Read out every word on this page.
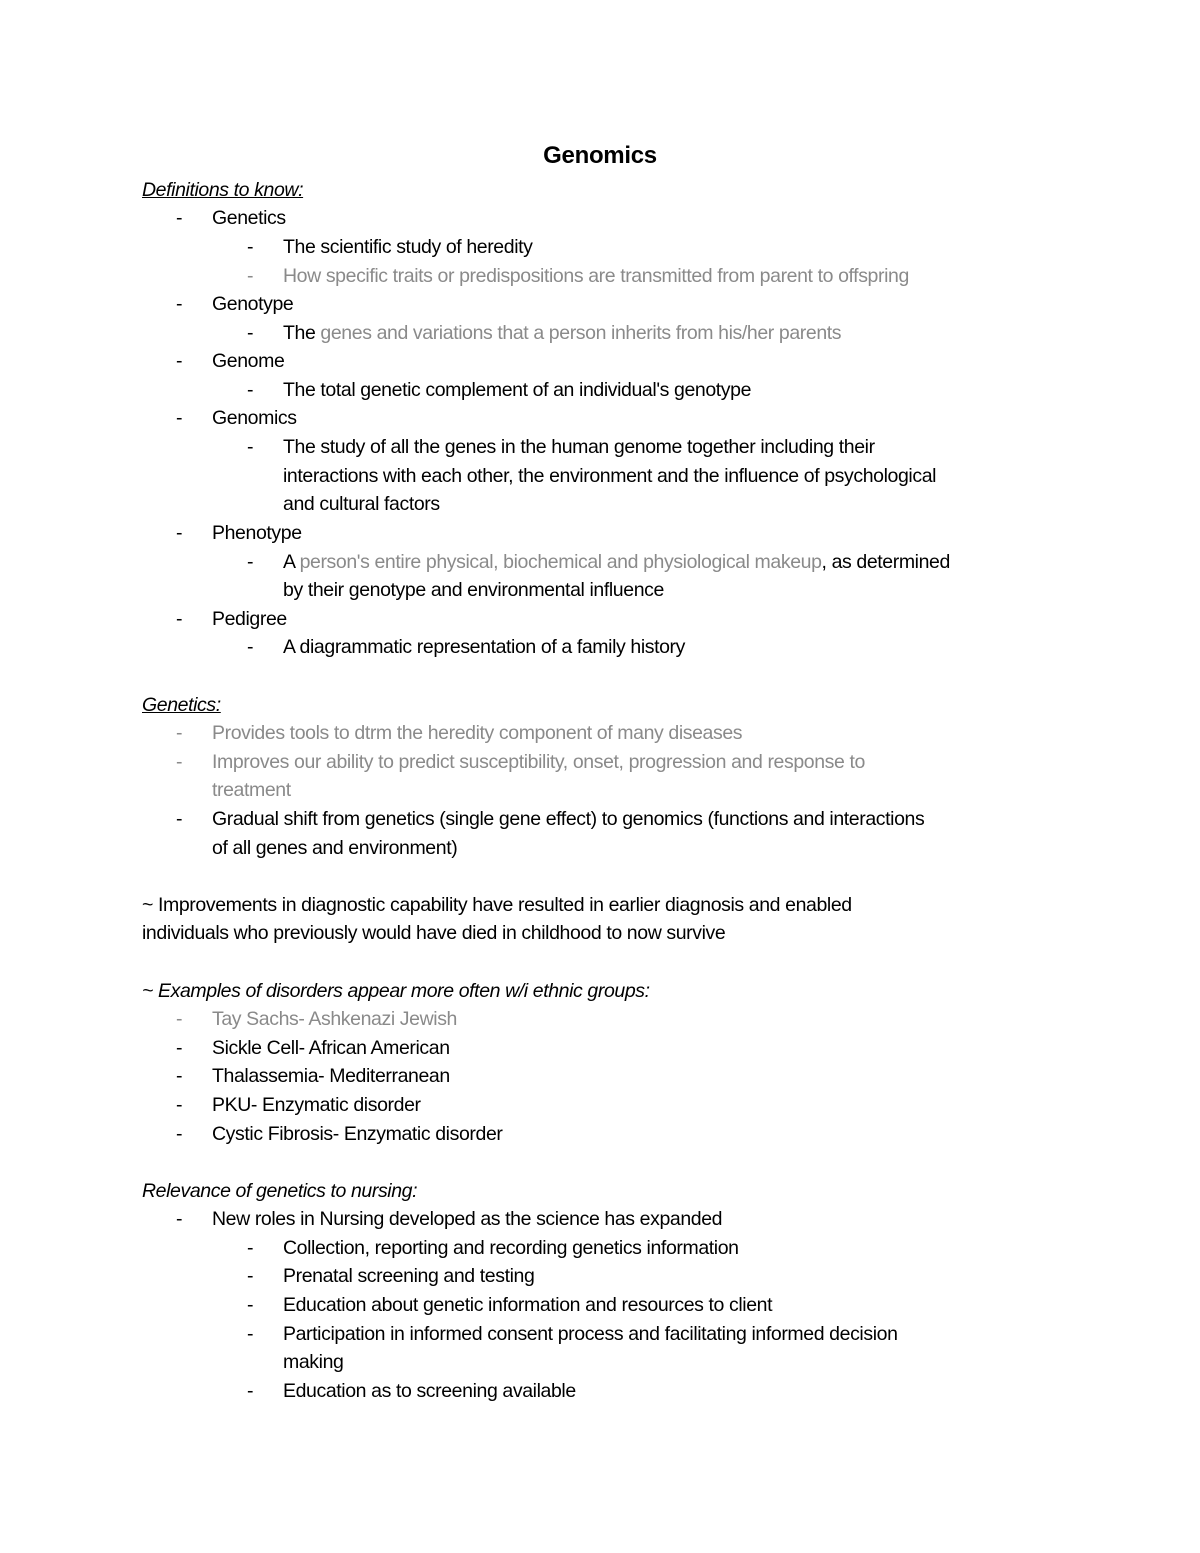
Genomics
Definitions to know:
- Genetics
- The scientific study of heredity
- How specific traits or predispositions are transmitted from parent to offspring
- Genotype
- The genes and variations that a person inherits from his/her parents
- Genome
- The total genetic complement of an individual's genotype
- Genomics
- The study of all the genes in the human genome together including their
interactions with each other, the environment and the influence of psychological
and cultural factors
- Phenotype
- A person's entire physical, biochemical and physiological makeup, as determined
by their genotype and environmental influence
- Pedigree
- A diagrammatic representation of a family history
Genetics:
- Provides tools to dtrm the heredity component of many diseases
- Improves our ability to predict susceptibility, onset, progression and response to
treatment
- Gradual shift from genetics (single gene effect) to genomics (functions and interactions
of all genes and environment)
~ Improvements in diagnostic capability have resulted in earlier diagnosis and enabled
individuals who previously would have died in childhood to now survive
~ Examples of disorders appear more often w/i ethnic groups:
- Tay Sachs- Ashkenazi Jewish
- Sickle Cell- African American
- Thalassemia- Mediterranean
- PKU- Enzymatic disorder
- Cystic Fibrosis- Enzymatic disorder
Relevance of genetics to nursing:
- New roles in Nursing developed as the science has expanded
- Collection, reporting and recording genetics information
- Prenatal screening and testing
- Education about genetic information and resources to client
- Participation in informed consent process and facilitating informed decision
making
- Education as to screening available
